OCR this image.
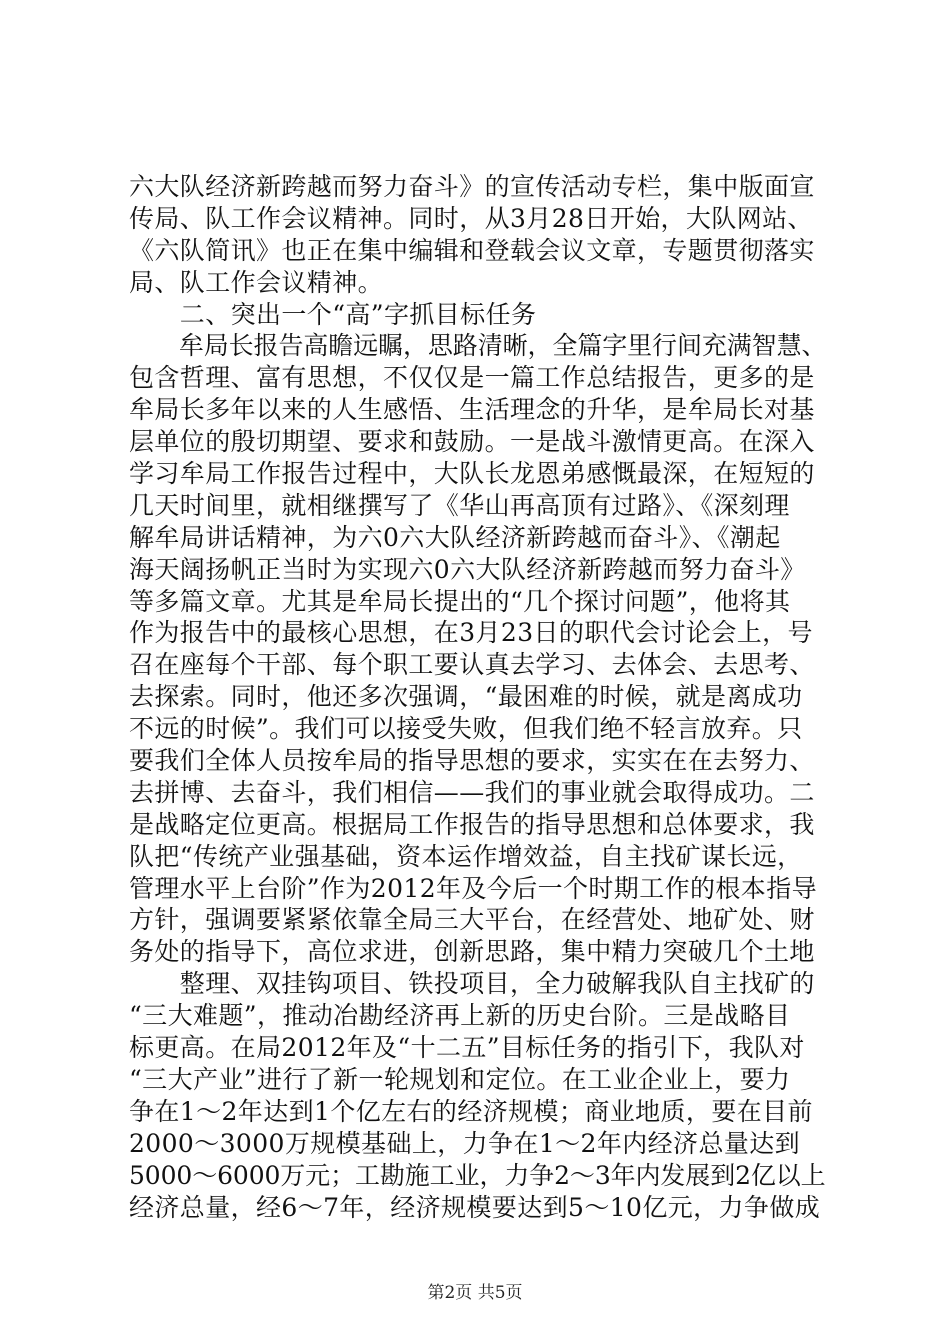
六大队经济新跨越而努力奋斗》的宣传活动专栏，集中版面宣
传局、队工作会议精神。同时，从3月28日开始，大队网站、
《六队简讯》也正在集中编辑和登载会议文章，专题贯彻落实
局、队工作会议精神。
　　二、突出一个“高”字抓目标任务
　　牟局长报告高瞻远瞩，思路清晰，全篇字里行间充满智慧、
包含哲理、富有思想，不仅仅是一篇工作总结报告，更多的是
牟局长多年以来的人生感悟、生活理念的升华，是牟局长对基
层单位的殷切期望、要求和鼓励。一是战斗激情更高。在深入
学习牟局工作报告过程中，大队长龙恩弟感慨最深，在短短的
几天时间里，就相继撰写了《华山再高顶有过路》、《深刻理
解牟局讲话精神，为六0六大队经济新跨越而奋斗》、《潮起
海天阔扬帆正当时为实现六0六大队经济新跨越而努力奋斗》
等多篇文章。尤其是牟局长提出的“几个探讨问题”，他将其
作为报告中的最核心思想，在3月23日的职代会讨论会上，号
召在座每个干部、每个职工要认真去学习、去体会、去思考、
去探索。同时，他还多次强调，“最困难的时候，就是离成功
不远的时候”。我们可以接受失败，但我们绝不轻言放弃。只
要我们全体人员按牟局的指导思想的要求，实实在在去努力、
去拼博、去奋斗，我们相信——我们的事业就会取得成功。二
是战略定位更高。根据局工作报告的指导思想和总体要求，我
队把“传统产业强基础，资本运作增效益，自主找矿谋长远，
管理水平上台阶”作为2012年及今后一个时期工作的根本指导
方针，强调要紧紧依靠全局三大平台，在经营处、地矿处、财
务处的指导下，高位求进，创新思路，集中精力突破几个土地
　　整理、双挂钩项目、铁投项目，全力破解我队自主找矿的
“三大难题”，推动冶勘经济再上新的历史台阶。三是战略目
标更高。在局2012年及“十二五”目标任务的指引下，我队对
“三大产业”进行了新一轮规划和定位。在工业企业上，要力
争在1～2年达到1个亿左右的经济规模；商业地质，要在目前
2000～3000万规模基础上，力争在1～2年内经济总量达到
5000～6000万元；工勘施工业，力争2～3年内发展到2亿以上
经济总量，经6～7年，经济规模要达到5～10亿元，力争做成
第2页 共5页
